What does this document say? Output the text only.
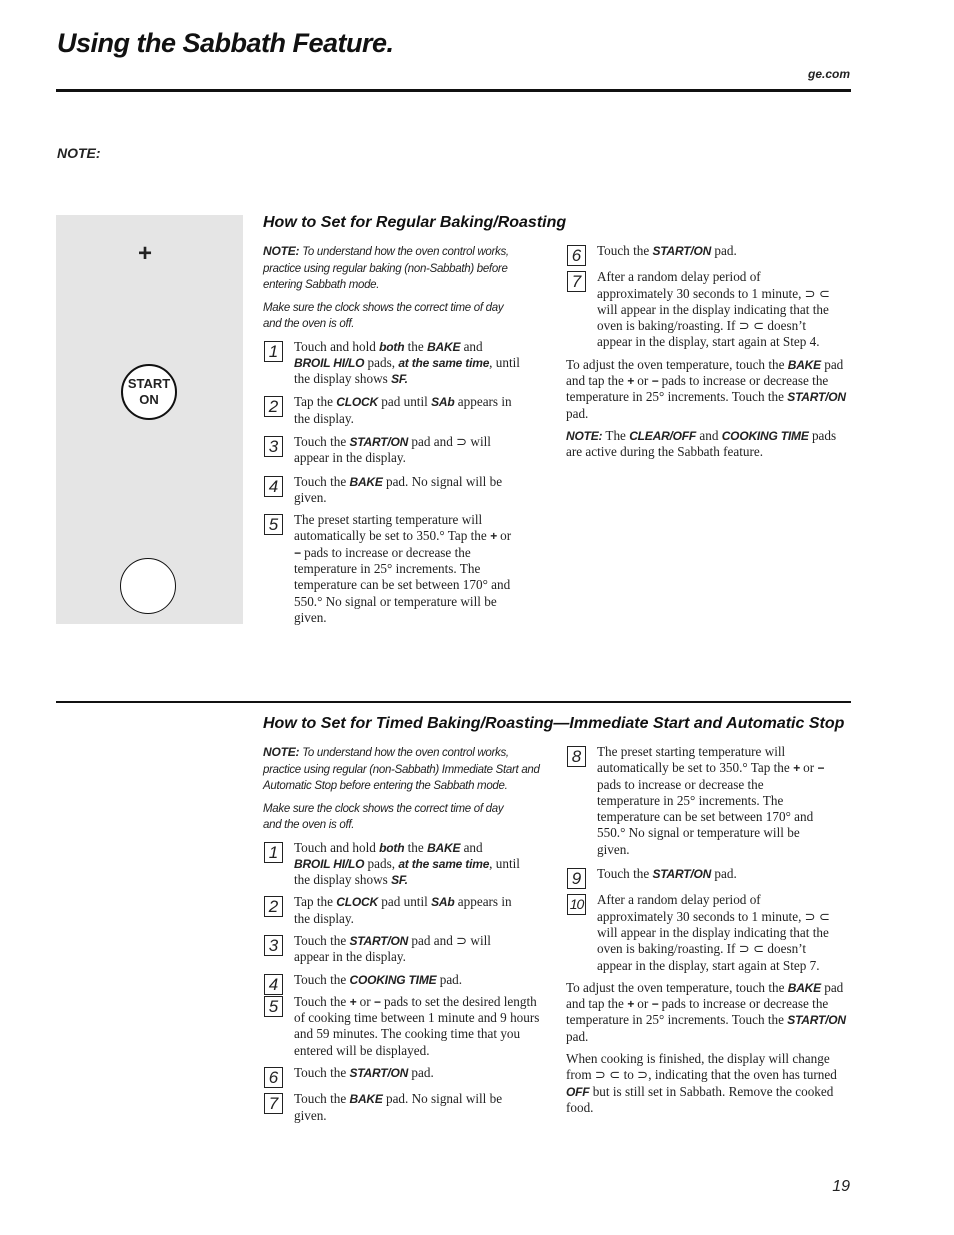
Using the Sabbath Feature.
ge.com
NOTE:
+
START
ON
How to Set for Regular Baking/Roasting

NOTE: To understand how the oven control works, practice using regular baking (non-Sabbath) before entering Sabbath mode.

Make sure the clock shows the correct time of day and the oven is off.

1	Touch and hold both the BAKE and BROIL HI/LO pads, at the same time, until the display shows SF.
2	Tap the CLOCK pad until SAb appears in the display.
3	Touch the START/ON pad and ⊃ will appear in the display.
4	Touch the BAKE pad. No signal will be given.
5	The preset starting temperature will automatically be set to 350.° Tap the + or − pads to increase or decrease the temperature in 25° increments. The temperature can be set between 170° and 550.° No signal or temperature will be given.
6	Touch the START/ON pad.
7	After a random delay period of approximately 30 seconds to 1 minute, ⊃ ⊂ will appear in the display indicating that the oven is baking/roasting. If ⊃ ⊂ doesn’t appear in the display, start again at Step 4.

To adjust the oven temperature, touch the BAKE pad and tap the + or − pads to increase or decrease the temperature in 25° increments. Touch the START/ON pad.

NOTE: The CLEAR/OFF and COOKING TIME pads are active during the Sabbath feature.

How to Set for Timed Baking/Roasting—Immediate Start and Automatic Stop

NOTE: To understand how the oven control works, practice using regular (non-Sabbath) Immediate Start and Automatic Stop before entering the Sabbath mode.

Make sure the clock shows the correct time of day and the oven is off.

1	Touch and hold both the BAKE and BROIL HI/LO pads, at the same time, until the display shows SF.
2	Tap the CLOCK pad until SAb appears in the display.
3	Touch the START/ON pad and ⊃ will appear in the display.
4	Touch the COOKING TIME pad.
5	Touch the + or − pads to set the desired length of cooking time between 1 minute and 9 hours and 59 minutes. The cooking time that you entered will be displayed.
6	Touch the START/ON pad.
7	Touch the BAKE pad. No signal will be given.
8	The preset starting temperature will automatically be set to 350.° Tap the + or − pads to increase or decrease the temperature in 25° increments. The temperature can be set between 170° and 550.° No signal or temperature will be given.
9	Touch the START/ON pad.
10 After a random delay period of approximately 30 seconds to 1 minute, ⊃ ⊂ will appear in the display indicating that the oven is baking/roasting. If ⊃ ⊂ doesn’t appear in the display, start again at Step 7.

To adjust the oven temperature, touch the BAKE pad and tap the + or − pads to increase or decrease the temperature in 25° increments. Touch the START/ON pad.

When cooking is finished, the display will change from ⊃ ⊂ to ⊃, indicating that the oven has turned OFF but is still set in Sabbath. Remove the cooked food.

19
